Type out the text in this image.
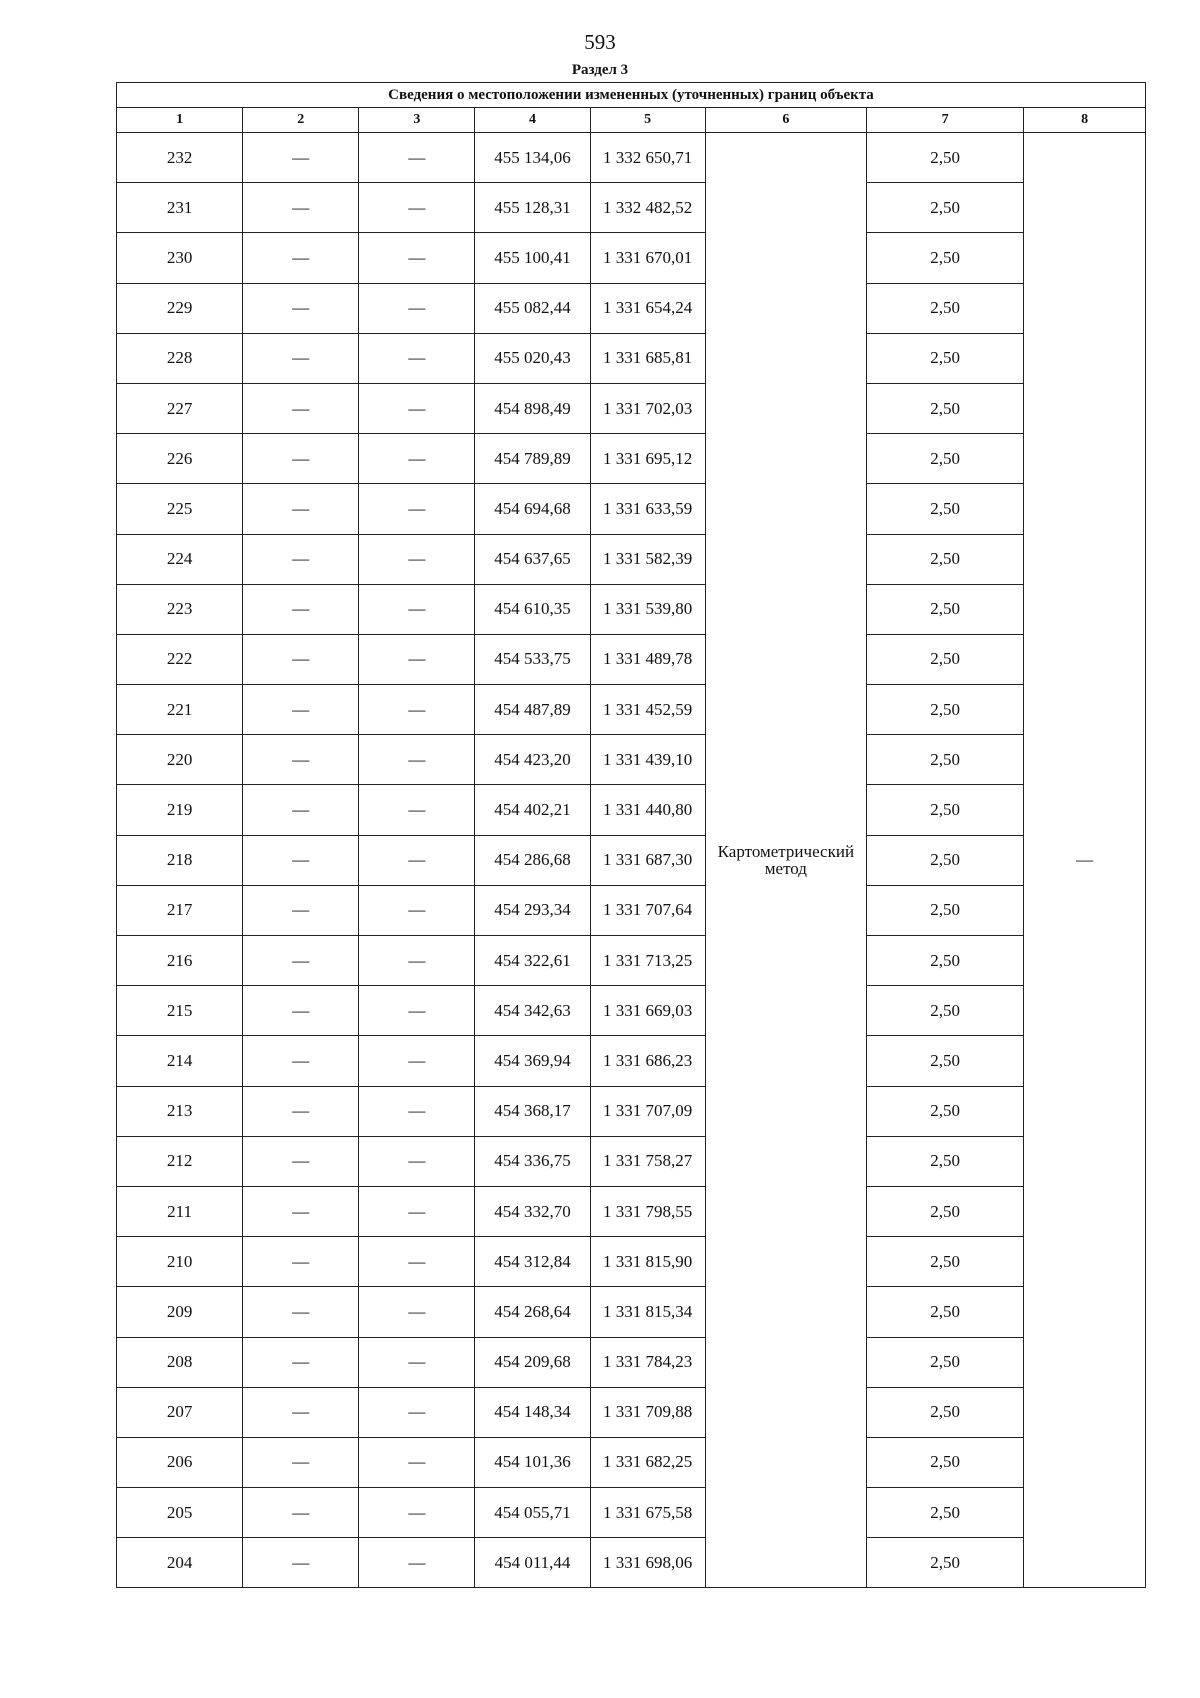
593
Раздел 3
Сведения о местоположении измененных (уточненных) границ объекта							
1	2	3	4	5	6	7	8
232	—	—	455 134,06	1 332 650,71	Картометрический метод	2,50	—
231	—	—	455 128,31	1 332 482,52		2,50	
230	—	—	455 100,41	1 331 670,01		2,50	
229	—	—	455 082,44	1 331 654,24		2,50	
228	—	—	455 020,43	1 331 685,81		2,50	
227	—	—	454 898,49	1 331 702,03		2,50	
226	—	—	454 789,89	1 331 695,12		2,50	
225	—	—	454 694,68	1 331 633,59		2,50	
224	—	—	454 637,65	1 331 582,39		2,50	
223	—	—	454 610,35	1 331 539,80		2,50	
222	—	—	454 533,75	1 331 489,78		2,50	
221	—	—	454 487,89	1 331 452,59		2,50	
220	—	—	454 423,20	1 331 439,10		2,50	
219	—	—	454 402,21	1 331 440,80		2,50	
218	—	—	454 286,68	1 331 687,30		2,50	
217	—	—	454 293,34	1 331 707,64		2,50	
216	—	—	454 322,61	1 331 713,25		2,50	
215	—	—	454 342,63	1 331 669,03		2,50	
214	—	—	454 369,94	1 331 686,23		2,50	
213	—	—	454 368,17	1 331 707,09		2,50	
212	—	—	454 336,75	1 331 758,27		2,50	
211	—	—	454 332,70	1 331 798,55		2,50	
210	—	—	454 312,84	1 331 815,90		2,50	
209	—	—	454 268,64	1 331 815,34		2,50	
208	—	—	454 209,68	1 331 784,23		2,50	
207	—	—	454 148,34	1 331 709,88		2,50	
206	—	—	454 101,36	1 331 682,25		2,50	
205	—	—	454 055,71	1 331 675,58		2,50	
204	—	—	454 011,44	1 331 698,06		2,50	
